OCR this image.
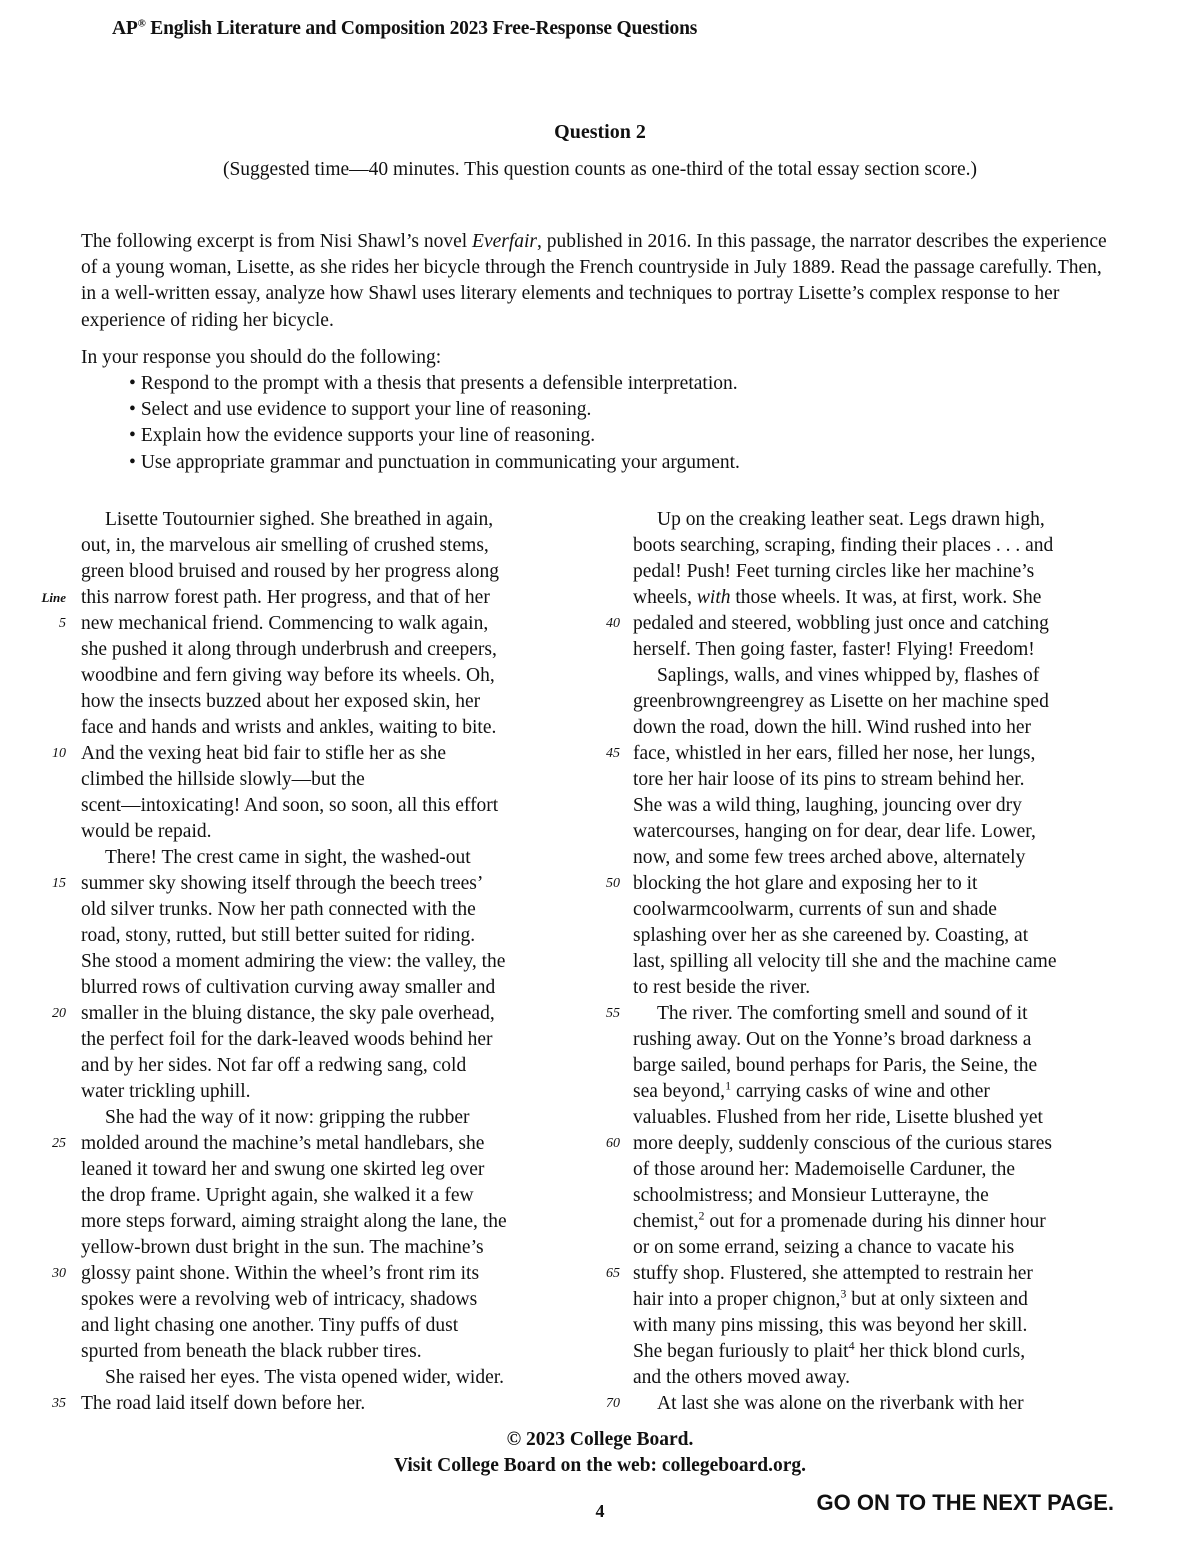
AP® English Literature and Composition 2023 Free-Response Questions
Question 2
(Suggested time—40 minutes. This question counts as one-third of the total essay section score.)

The following excerpt is from Nisi Shawl’s novel Everfair, published in 2016. In this passage, the narrator describes the experience of a young woman, Lisette, as she rides her bicycle through the French countryside in July 1889. Read the passage carefully. Then, in a well-written essay, analyze how Shawl uses literary elements and techniques to portray Lisette’s complex response to her experience of riding her bicycle.

In your response you should do the following:

• Respond to the prompt with a thesis that presents a defensible interpretation.
• Select and use evidence to support your line of reasoning.
• Explain how the evidence supports your line of reasoning.
• Use appropriate grammar and punctuation in communicating your argument.
Line
5
10
15
20
25
30
35
40
45
50
55
60
65
70
Lisette Toutournier sighed. She breathed in again,
out, in, the marvelous air smelling of crushed stems,
green blood bruised and roused by her progress along
this narrow forest path. Her progress, and that of her
new mechanical friend. Commencing to walk again,
she pushed it along through underbrush and creepers,
woodbine and fern giving way before its wheels. Oh,
how the insects buzzed about her exposed skin, her
face and hands and wrists and ankles, waiting to bite.
And the vexing heat bid fair to stifle her as she
climbed the hillside slowly—but the
scent—intoxicating! And soon, so soon, all this effort
would be repaid.
There! The crest came in sight, the washed-out
summer sky showing itself through the beech trees’
old silver trunks. Now her path connected with the
road, stony, rutted, but still better suited for riding.
She stood a moment admiring the view: the valley, the
blurred rows of cultivation curving away smaller and
smaller in the bluing distance, the sky pale overhead,
the perfect foil for the dark-leaved woods behind her
and by her sides. Not far off a redwing sang, cold
water trickling uphill.
She had the way of it now: gripping the rubber
molded around the machine’s metal handlebars, she
leaned it toward her and swung one skirted leg over
the drop frame. Upright again, she walked it a few
more steps forward, aiming straight along the lane, the
yellow-brown dust bright in the sun. The machine’s
glossy paint shone. Within the wheel’s front rim its
spokes were a revolving web of intricacy, shadows
and light chasing one another. Tiny puffs of dust
spurted from beneath the black rubber tires.
She raised her eyes. The vista opened wider, wider.
The road laid itself down before her.
Up on the creaking leather seat. Legs drawn high,
boots searching, scraping, finding their places . . . and
pedal! Push! Feet turning circles like her machine’s
wheels, with those wheels. It was, at first, work. She
pedaled and steered, wobbling just once and catching
herself. Then going faster, faster! Flying! Freedom!
Saplings, walls, and vines whipped by, flashes of
greenbrowngreengrey as Lisette on her machine sped
down the road, down the hill. Wind rushed into her
face, whistled in her ears, filled her nose, her lungs,
tore her hair loose of its pins to stream behind her.
She was a wild thing, laughing, jouncing over dry
watercourses, hanging on for dear, dear life. Lower,
now, and some few trees arched above, alternately
blocking the hot glare and exposing her to it
coolwarmcoolwarm, currents of sun and shade
splashing over her as she careened by. Coasting, at
last, spilling all velocity till she and the machine came
to rest beside the river.
The river. The comforting smell and sound of it
rushing away. Out on the Yonne’s broad darkness a
barge sailed, bound perhaps for Paris, the Seine, the
sea beyond,$^1$ carrying casks of wine and other
valuables. Flushed from her ride, Lisette blushed yet
more deeply, suddenly conscious of the curious stares
of those around her: Mademoiselle Carduner, the
schoolmistress; and Monsieur Lutterayne, the
chemist,$^2$ out for a promenade during his dinner hour
or on some errand, seizing a chance to vacate his
stuffy shop. Flustered, she attempted to restrain her
hair into a proper chignon,$^3$ but at only sixteen and
with many pins missing, this was beyond her skill.
She began furiously to plait$^4$ her thick blond curls,
and the others moved away.
At last she was alone on the riverbank with her
© 2023 College Board.
Visit College Board on the web: collegeboard.org.
4	GO ON TO THE NEXT PAGE.
